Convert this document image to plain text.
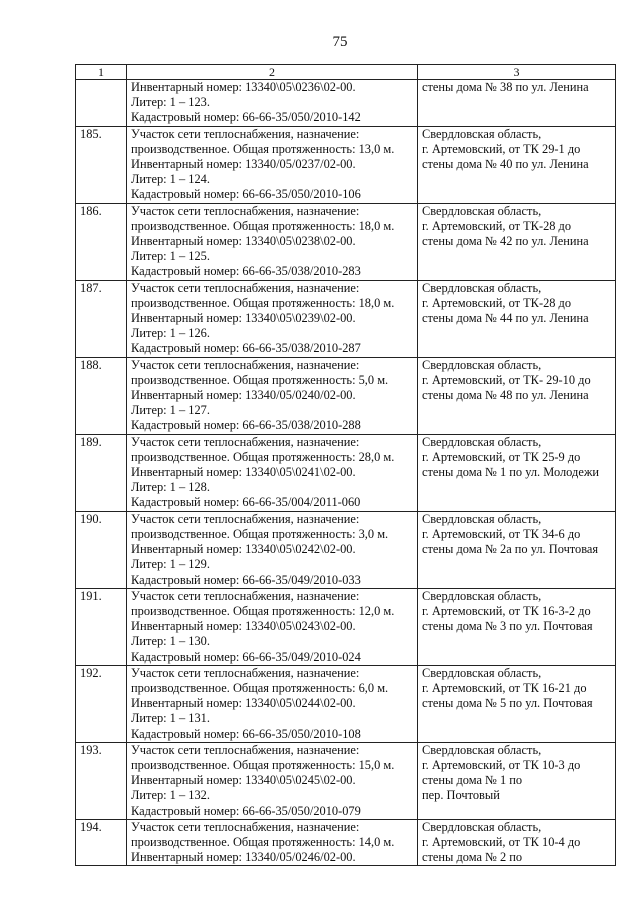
75
1	2	3

	Инвентарный номер: 13340\05\0236\02-00.
Литер: 1 – 123.
Кадастровый номер: 66-66-35/050/2010-142	стены дома № 38 по ул. Ленина

185.	Участок сети теплоснабжения, назначение:
производственное. Общая протяженность: 13,0 м.
Инвентарный номер: 13340/05/0237/02-00.
Литер: 1 – 124.
Кадастровый номер: 66-66-35/050/2010-106	Свердловская область,
г. Артемовский, от ТК 29-1 до
стены дома № 40 по ул. Ленина

186.	Участок сети теплоснабжения, назначение:
производственное. Общая протяженность: 18,0 м.
Инвентарный номер: 13340\05\0238\02-00.
Литер: 1 – 125.
Кадастровый номер: 66-66-35/038/2010-283	Свердловская область,
г. Артемовский, от ТК-28 до
стены дома № 42 по ул. Ленина

187.	Участок сети теплоснабжения, назначение:
производственное. Общая протяженность: 18,0 м.
Инвентарный номер: 13340\05\0239\02-00.
Литер: 1 – 126.
Кадастровый номер: 66-66-35/038/2010-287	Свердловская область,
г. Артемовский, от ТК-28 до
стены дома № 44 по ул. Ленина

188.	Участок сети теплоснабжения, назначение:
производственное. Общая протяженность: 5,0 м.
Инвентарный номер: 13340/05/0240/02-00.
Литер: 1 – 127.
Кадастровый номер: 66-66-35/038/2010-288	Свердловская область,
г. Артемовский, от ТК- 29-10 до
стены дома № 48 по ул. Ленина

189.	Участок сети теплоснабжения, назначение:
производственное. Общая протяженность: 28,0 м.
Инвентарный номер: 13340\05\0241\02-00.
Литер: 1 – 128.
Кадастровый номер: 66-66-35/004/2011-060	Свердловская область,
г. Артемовский, от ТК 25-9 до
стены дома № 1 по ул. Молодежи

190.	Участок сети теплоснабжения, назначение:
производственное. Общая протяженность: 3,0 м.
Инвентарный номер: 13340\05\0242\02-00.
Литер: 1 – 129.
Кадастровый номер: 66-66-35/049/2010-033	Свердловская область,
г. Артемовский, от ТК 34-6 до
стены дома № 2а по ул. Почтовая

191.	Участок сети теплоснабжения, назначение:
производственное. Общая протяженность: 12,0 м.
Инвентарный номер: 13340\05\0243\02-00.
Литер: 1 – 130.
Кадастровый номер: 66-66-35/049/2010-024	Свердловская область,
г. Артемовский, от ТК 16-3-2 до
стены дома № 3 по ул. Почтовая

192.	Участок сети теплоснабжения, назначение:
производственное. Общая протяженность: 6,0 м.
Инвентарный номер: 13340\05\0244\02-00.
Литер: 1 – 131.
Кадастровый номер: 66-66-35/050/2010-108	Свердловская область,
г. Артемовский, от ТК 16-21 до
стены дома № 5 по ул. Почтовая

193.	Участок сети теплоснабжения, назначение:
производственное. Общая протяженность: 15,0 м.
Инвентарный номер: 13340\05\0245\02-00.
Литер: 1 – 132.
Кадастровый номер: 66-66-35/050/2010-079	Свердловская область,
г. Артемовский, от ТК 10-3 до
стены дома № 1 по
пер. Почтовый

194.	Участок сети теплоснабжения, назначение:
производственное. Общая протяженность: 14,0 м.
Инвентарный номер: 13340/05/0246/02-00.	Свердловская область,
г. Артемовский, от ТК 10-4 до
стены дома № 2 по
